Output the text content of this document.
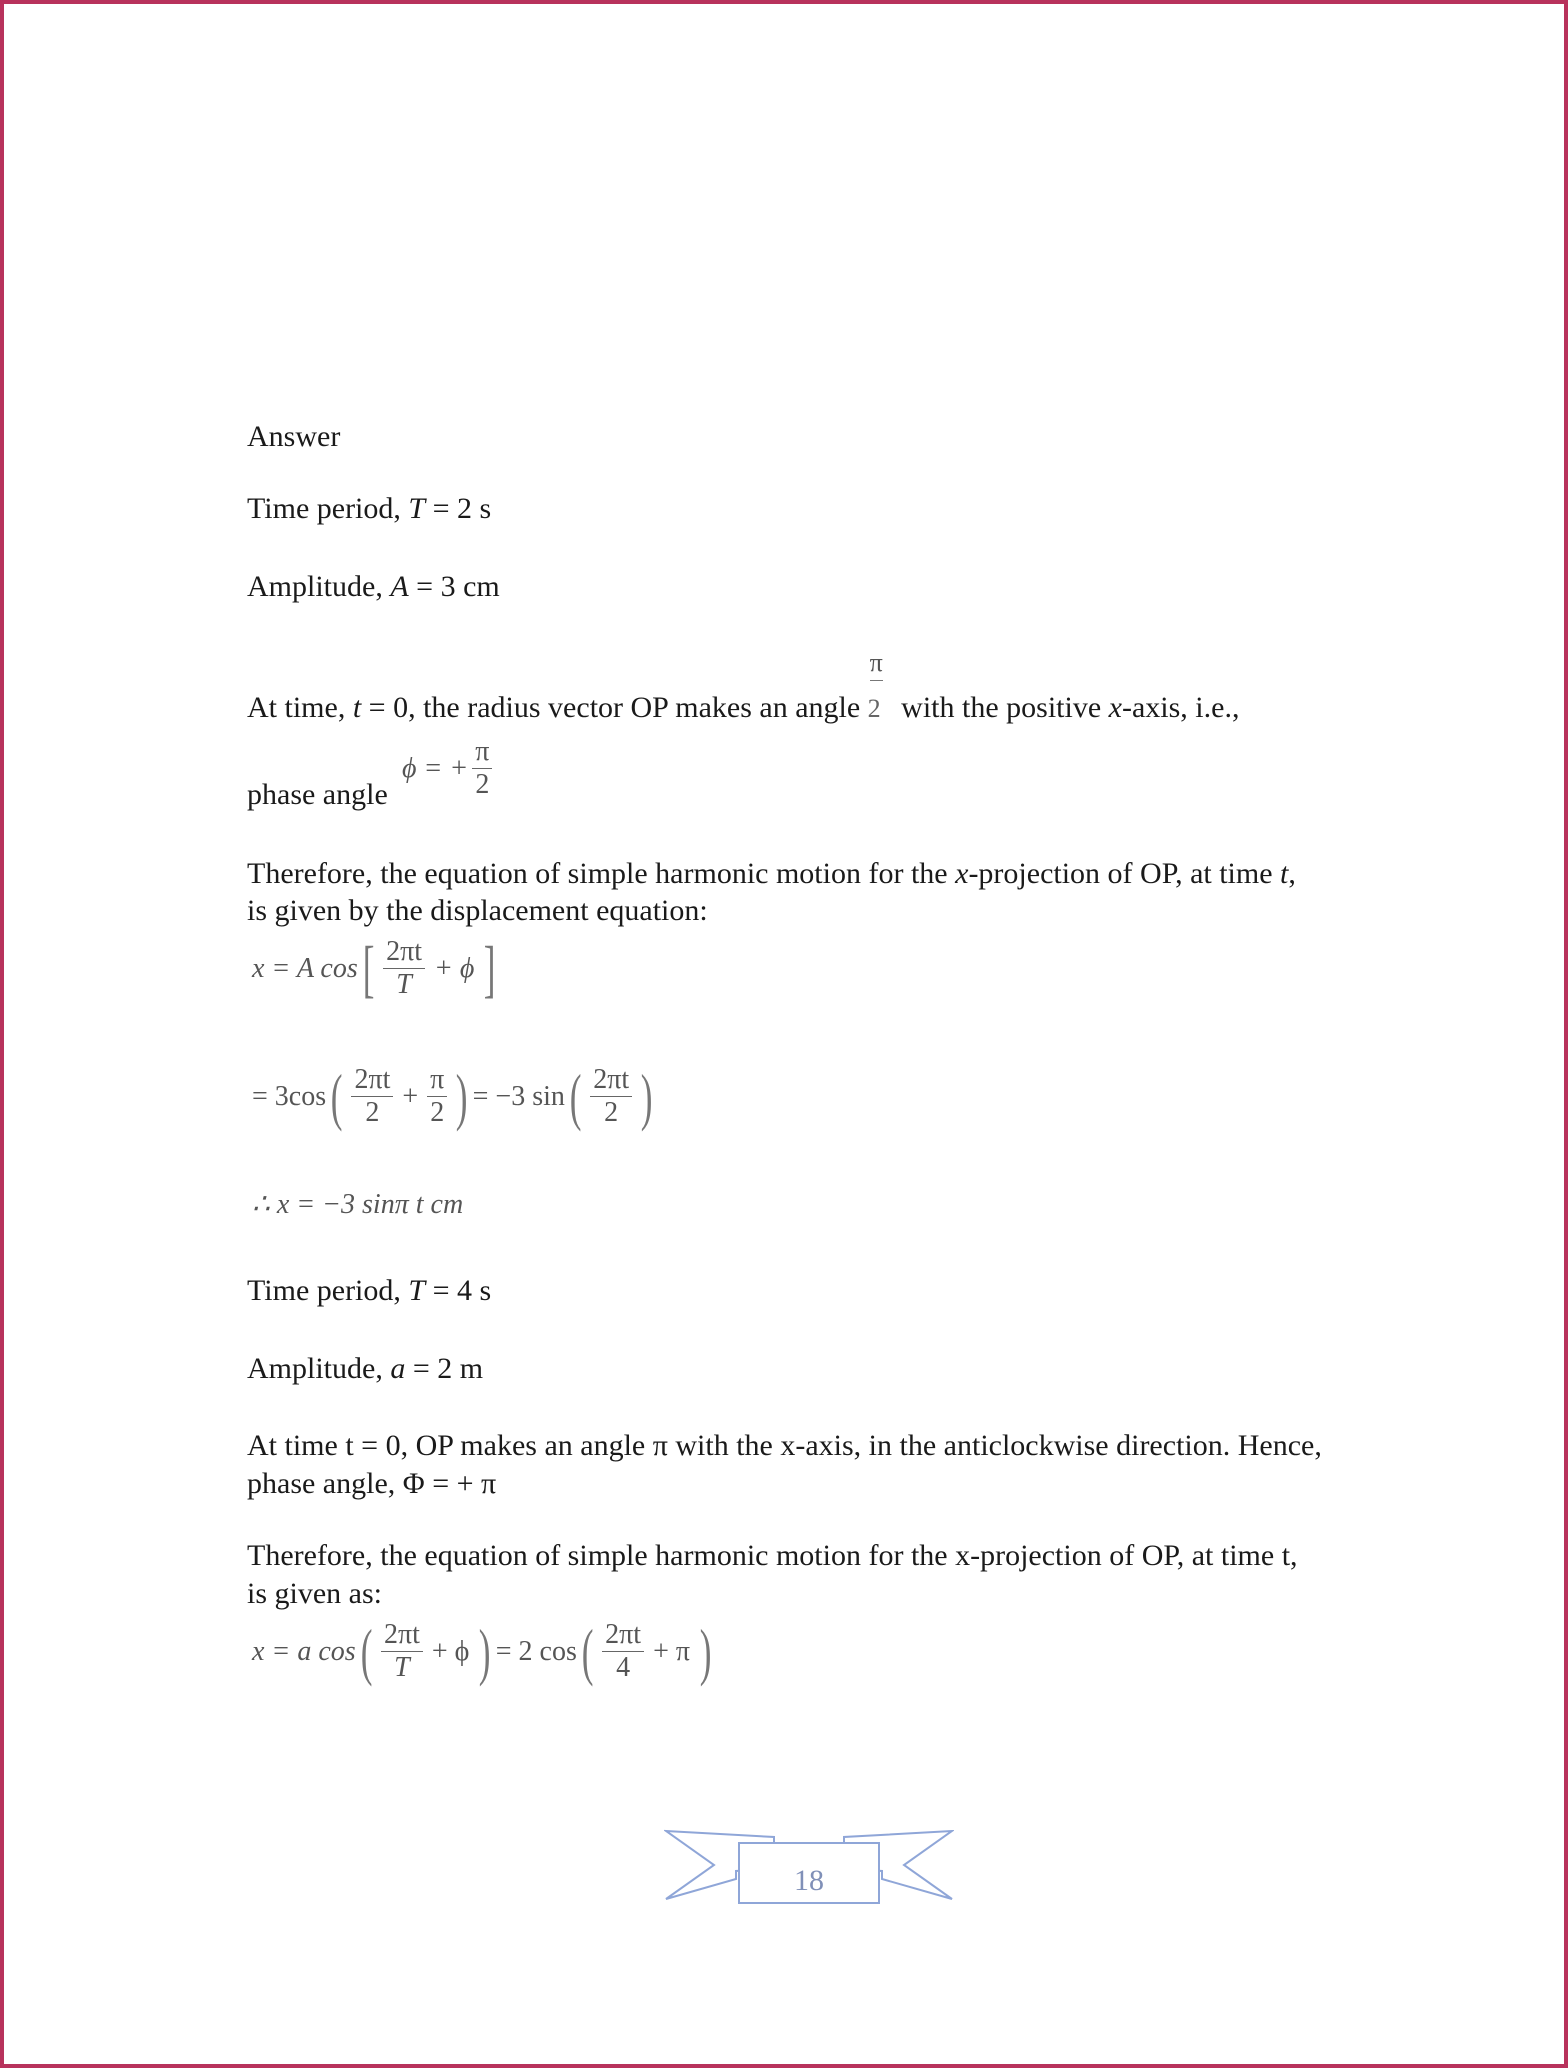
Answer
Time period, T = 2 s
Amplitude, A = 3 cm
At time, t = 0, the radius vector OP makes an angle $\frac{\pi}{2}$ with the positive x-axis, i.e.,
phase angle
ϕ = + $\frac{\pi}{2}$
Therefore, the equation of simple harmonic motion for the x-projection of OP, at time t,
is given by the displacement equation:
x = A cos [ $\frac{2\pi t}{T} + \phi$ ]
= 3cos ( $\frac{2\pi t}{2} + \frac{\pi}{2}$ ) = −3 sin ( $\frac{2\pi t}{2}$ )
∴ x = −3 sinπ t cm
Time period, T = 4 s
Amplitude, a = 2 m
At time t = 0, OP makes an angle π with the x-axis, in the anticlockwise direction. Hence,
phase angle, Φ = + π
Therefore, the equation of simple harmonic motion for the x-projection of OP, at time t,
is given as:
x = a cos ( $\frac{2\pi t}{T} + \phi$ ) = 2 cos ( $\frac{2\pi t}{4} + \pi$ )
18
